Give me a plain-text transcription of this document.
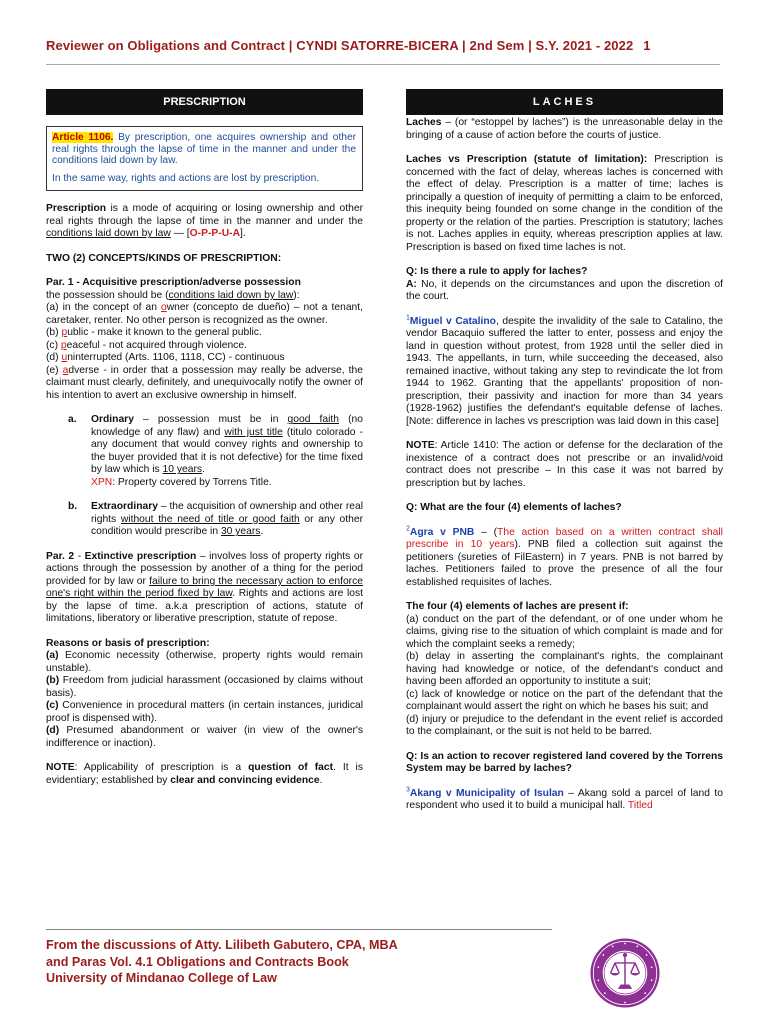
Reviewer on Obligations and Contract | CYNDI SATORRE-BICERA | 2nd Sem | S.Y. 2021 - 2022 1
PRESCRIPTION

Article 1106. By prescription, one acquires ownership and other real rights through the lapse of time in the manner and under the conditions laid down by law.

In the same way, rights and actions are lost by prescription.

Prescription is a mode of acquiring or losing ownership and other real rights through the lapse of time in the manner and under the conditions laid down by law — [O-P-P-U-A].

TWO (2) CONCEPTS/KINDS OF PRESCRIPTION:

Par. 1 - Acquisitive prescription/adverse possession

the possession should be (conditions laid down by law):

(a) in the concept of an owner (concepto de dueño) – not a tenant, caretaker, renter. No other person is recognized as the owner.

(b) public - make it known to the general public.

(c) peaceful - not acquired through violence.

(d) uninterrupted (Arts. 1106, 1118, CC) - continuous

(e) adverse - in order that a possession may really be adverse, the claimant must clearly, definitely, and unequivocally notify the owner of his intention to avert an exclusive ownership in himself.

a. Ordinary – possession must be in good faith (no knowledge of any flaw) and with just title (titulo colorado - any document that would convey rights and ownership to the buyer provided that it is not defective) for the time fixed by law which is 10 years.
XPN: Property covered by Torrens Title.

b. Extraordinary – the acquisition of ownership and other real rights without the need of title or good faith or any other condition would prescribe in 30 years.

Par. 2 - Extinctive prescription – involves loss of property rights or actions through the possession by another of a thing for the period provided for by law or failure to bring the necessary action to enforce one's right within the period fixed by law. Rights and actions are lost by the lapse of time. a.k.a prescription of actions, statute of limitations, liberatory or liberative prescription, statute of repose.

Reasons or basis of prescription:

(a) Economic necessity (otherwise, property rights would remain unstable).

(b) Freedom from judicial harassment (occasioned by claims without basis).

(c) Convenience in procedural matters (in certain instances, juridical proof is dispensed with).

(d) Presumed abandonment or waiver (in view of the owner's indifference or inaction).

NOTE: Applicability of prescription is a question of fact. It is evidentiary; established by clear and convincing evidence.

LACHES

Laches – (or “estoppel by laches”) is the unreasonable delay in the bringing of a cause of action before the courts of justice.

Laches vs Prescription (statute of limitation): Prescription is concerned with the fact of delay, whereas laches is concerned with the effect of delay. Prescription is a matter of time; laches is principally a question of inequity of permitting a claim to be enforced, this inequity being founded on some change in the condition of the property or the relation of the parties. Prescription is statutory; laches is not. Laches applies in equity, whereas prescription applies at law. Prescription is based on fixed time laches is not.

Q: Is there a rule to apply for laches?

A: No, it depends on the circumstances and upon the discretion of the court.

$^1$Miguel v Catalino, despite the invalidity of the sale to Catalino, the vendor Bacaquio suffered the latter to enter, possess and enjoy the land in question without protest, from 1928 until the seller died in 1943. The appellants, in turn, while succeeding the deceased, also remained inactive, without taking any step to revindicate the lot from 1944 to 1962. Granting that the appellants' proposition of non-prescription, their passivity and inaction for more than 34 years (1928-1962) justifies the defendant's equitable defense of laches. [Note: difference in laches vs prescription was laid down in this case]

NOTE: Article 1410: The action or defense for the declaration of the inexistence of a contract does not prescribe or an invalid/void contract does not prescribe – In this case it was not barred by prescription but by laches.

Q: What are the four (4) elements of laches?

$^2$Agra v PNB – (The action based on a written contract shall prescribe in 10 years). PNB filed a collection suit against the petitioners (sureties of FilEastern) in 7 years. PNB is not barred by laches. Petitioners failed to prove the presence of all the four established requisites of laches.

The four (4) elements of laches are present if:

(a) conduct on the part of the defendant, or of one under whom he claims, giving rise to the situation of which complaint is made and for which the complaint seeks a remedy;

(b) delay in asserting the complainant's rights, the complainant having had knowledge or notice, of the defendant's conduct and having been afforded an opportunity to institute a suit;

(c) lack of knowledge or notice on the part of the defendant that the complainant would assert the right on which he bases his suit; and

(d) injury or prejudice to the defendant in the event relief is accorded to the complainant, or the suit is not held to be barred.

Q: Is an action to recover registered land covered by the Torrens System may be barred by laches?

$^3$Akang v Municipality of Isulan – Akang sold a parcel of land to respondent who used it to build a municipal hall. Titled

From the discussions of Atty. Lilibeth Gabutero, CPA, MBA
and Paras Vol. 4.1 Obligations and Contracts Book
University of Mindanao College of Law
